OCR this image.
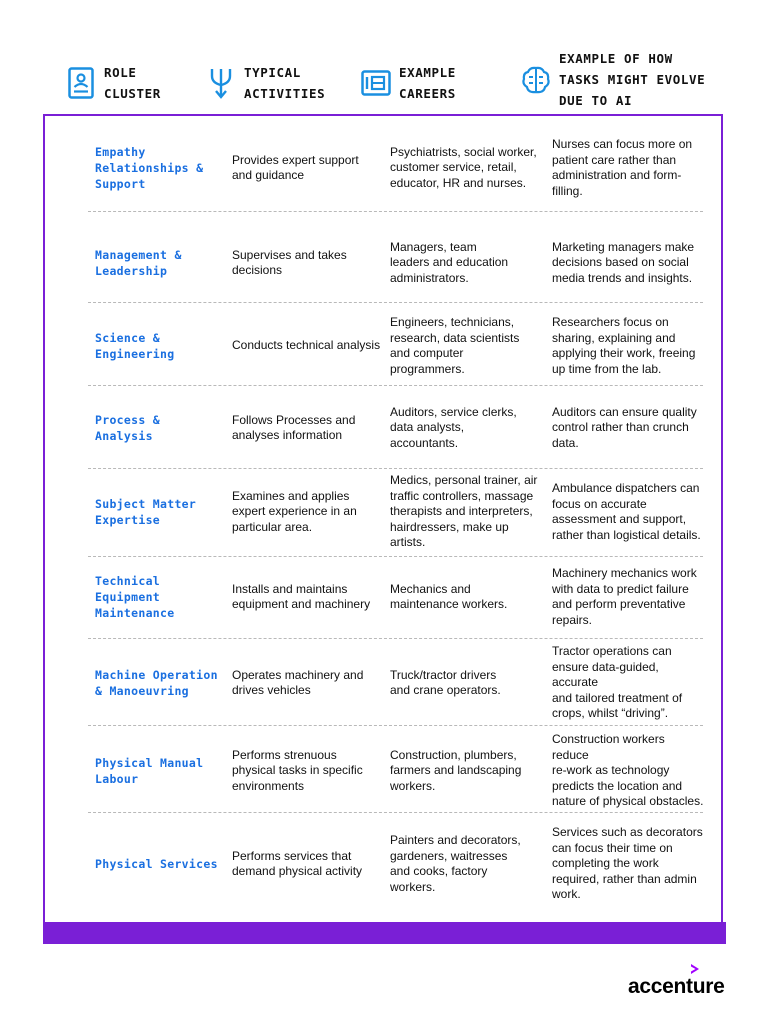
ROLE
CLUSTER
TYPICAL
ACTIVITIES
EXAMPLE
CAREERS
EXAMPLE OF HOW
TASKS MIGHT EVOLVE
DUE TO AI
Empathy
Relationships &
Support
Provides expert support
and guidance
Psychiatrists, social worker,
customer service, retail,
educator, HR and nurses.
Nurses can focus more on
patient care rather than
administration and form-filling.
Management &
Leadership
Supervises and takes
decisions
Managers, team
leaders and education
administrators.
Marketing managers make
decisions based on social
media trends and insights.
Science &
Engineering
Conducts technical analysis
Engineers, technicians,
research, data scientists
and computer
programmers.
Researchers focus on
sharing, explaining and
applying their work, freeing
up time from the lab.
Process &
Analysis
Follows Processes and
analyses information
Auditors, service clerks,
data analysts,
accountants.
Auditors can ensure quality
control rather than crunch
data.
Subject Matter
Expertise
Examines and applies
expert experience in an
particular area.
Medics, personal trainer, air
traffic controllers, massage
therapists and interpreters,
hairdressers, make up
artists.
Ambulance dispatchers can
focus on accurate
assessment and support,
rather than logistical details.
Technical
Equipment
Maintenance
Installs and maintains
equipment and machinery
Mechanics and
maintenance workers.
Machinery mechanics work
with data to predict failure
and perform preventative
repairs.
Machine Operation
& Manoeuvring
Operates machinery and
drives vehicles
Truck/tractor drivers
and crane operators.
Tractor operations can
ensure data-guided, accurate
and tailored treatment of
crops, whilst “driving”.
Physical Manual
Labour
Performs strenuous
physical tasks in specific
environments
Construction, plumbers,
farmers and landscaping
workers.
Construction workers reduce
re-work as technology
predicts the location and
nature of physical obstacles.
Physical Services
Performs services that
demand physical activity
Painters and decorators,
gardeners, waitresses
and cooks, factory
workers.
Services such as decorators
can focus their time on
completing the work
required, rather than admin
work.
accenture
